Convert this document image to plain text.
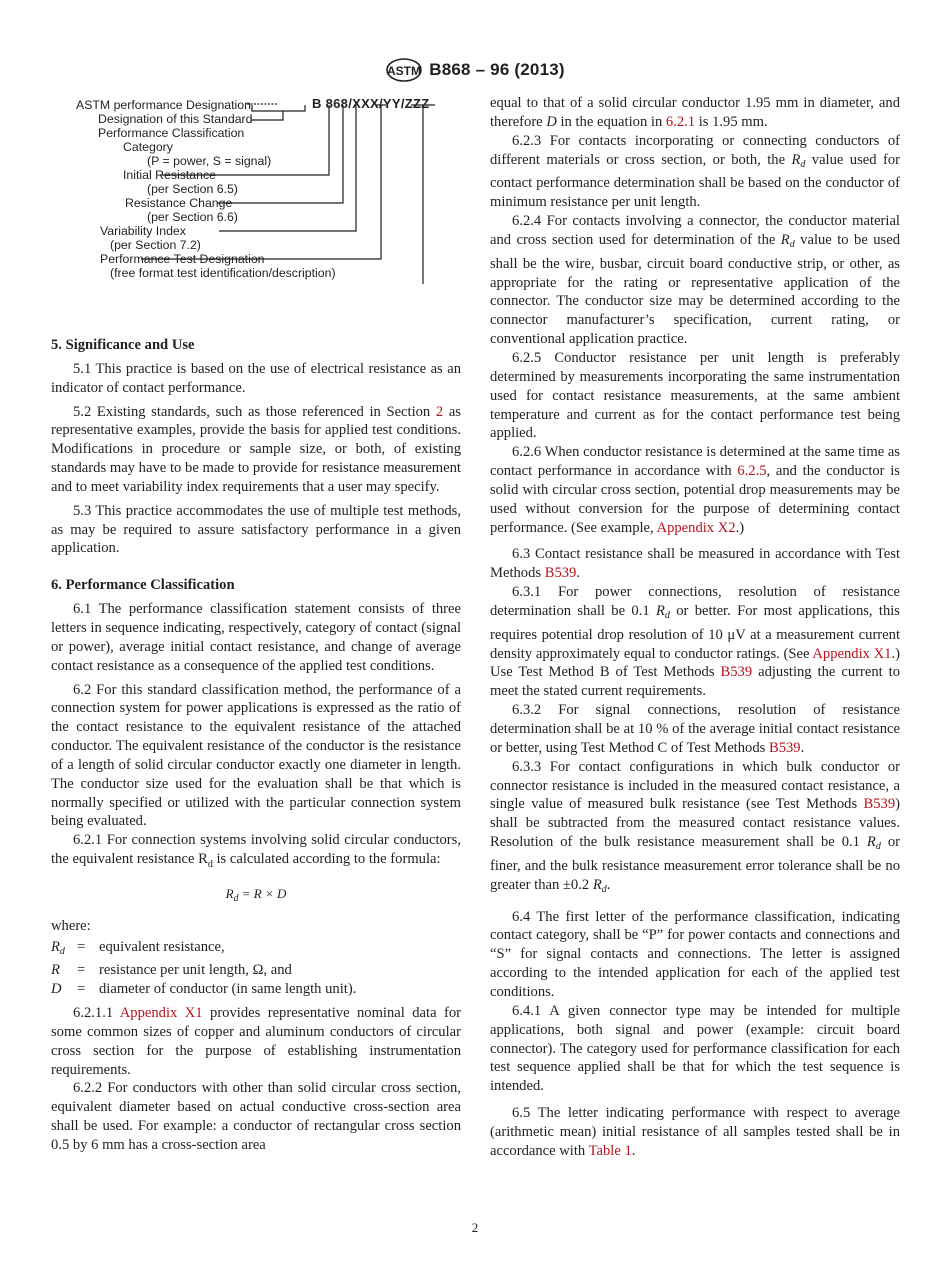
ASTM B868 – 96 (2013)
ASTM performance Designation	B 868/XXX/YY/ZZZ
Designation of this Standard
Performance Classification
Category
(P = power, S = signal)
Initial Resistance
(per Section 6.5)
Resistance Change
(per Section 6.6)
Variability Index
(per Section 7.2)
Performance Test Designation
(free format test identification/description)
5. Significance and Use

5.1 This practice is based on the use of electrical resistance as an indicator of contact performance.

5.2 Existing standards, such as those referenced in Section 2 as representative examples, provide the basis for applied test conditions. Modifications in procedure or sample size, or both, of existing standards may have to be made to provide for resistance measurement and to meet variability index requirements that a user may specify.

5.3 This practice accommodates the use of multiple test methods, as may be required to assure satisfactory performance in a given application.

6. Performance Classification

6.1 The performance classification statement consists of three letters in sequence indicating, respectively, category of contact (signal or power), average initial contact resistance, and change of average contact resistance as a consequence of the applied test conditions.

6.2 For this standard classification method, the performance of a connection system for power applications is expressed as the ratio of the contact resistance to the equivalent resistance of the attached conductor. The equivalent resistance of the conductor is the resistance of a length of solid circular conductor exactly one diameter in length. The conductor size used for the evaluation shall be that which is normally specified or utilized with the particular connection system being evaluated.

6.2.1 For connection systems involving solid circular conductors, the equivalent resistance $R_d$ is calculated according to the formula:

$R_d = R \times D$

where:

$R_d$ = equivalent resistance,
R	= resistance per unit length, Ω, and
D	= diameter of conductor (in same length unit).

6.2.1.1 Appendix X1 provides representative nominal data for some common sizes of copper and aluminum conductors of circular cross section for the purpose of establishing instrumentation requirements.

6.2.2 For conductors with other than solid circular cross section, equivalent diameter based on actual conductive cross-section area shall be used. For example: a conductor of rectangular cross section 0.5 by 6 mm has a cross-section area

equal to that of a solid circular conductor 1.95 mm in diameter, and therefore D in the equation in 6.2.1 is 1.95 mm.

6.2.3 For contacts incorporating or connecting conductors of different materials or cross section, or both, the $R_d$ value used for contact performance determination shall be based on the conductor of minimum resistance per unit length.

6.2.4 For contacts involving a connector, the conductor material and cross section used for determination of the $R_d$ value to be used shall be the wire, busbar, circuit board conductive strip, or other, as appropriate for the rating or representative application of the connector. The conductor size may be determined according to the connector manufacturer’s specification, current rating, or conventional application practice.

6.2.5 Conductor resistance per unit length is preferably determined by measurements incorporating the same instrumentation used for contact resistance measurements, at the same ambient temperature and current as for the contact performance test being applied.

6.2.6 When conductor resistance is determined at the same time as contact performance in accordance with 6.2.5, and the conductor is solid with circular cross section, potential drop measurements may be used without conversion for the purpose of determining contact performance. (See example, Appendix X2.)

6.3 Contact resistance shall be measured in accordance with Test Methods B539.

6.3.1 For power connections, resolution of resistance determination shall be 0.1 $R_d$ or better. For most applications, this requires potential drop resolution of 10 μV at a measurement current density approximately equal to conductor ratings. (See Appendix X1.) Use Test Method B of Test Methods B539 adjusting the current to meet the stated current requirements.

6.3.2 For signal connections, resolution of resistance determination shall be at 10 % of the average initial contact resistance or better, using Test Method C of Test Methods B539.

6.3.3 For contact configurations in which bulk conductor or connector resistance is included in the measured contact resistance, a single value of measured bulk resistance (see Test Methods B539) shall be subtracted from the measured contact resistance values. Resolution of the bulk resistance measurement shall be 0.1 $R_d$ or finer, and the bulk resistance measurement error tolerance shall be no greater than ±0.2 $R_d$.

6.4 The first letter of the performance classification, indicating contact category, shall be “P” for power contacts and connections and “S” for signal contacts and connections. The letter is assigned according to the intended application for each of the applied test conditions.

6.4.1 A given connector type may be intended for multiple applications, both signal and power (example: circuit board connector). The category used for performance classification for each test sequence applied shall be that for which the test sequence is intended.

6.5 The letter indicating performance with respect to average (arithmetic mean) initial resistance of all samples tested shall be in accordance with Table 1.

2
